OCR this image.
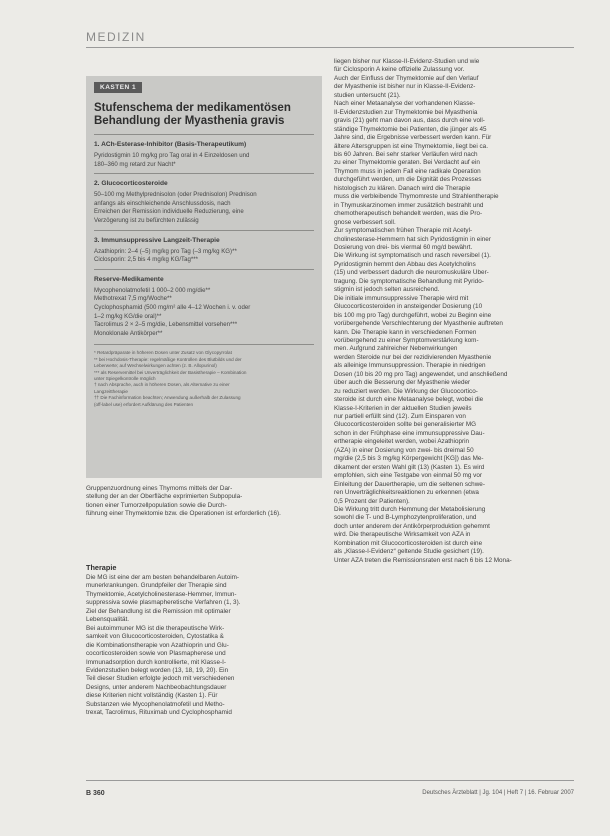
MEDIZIN
KASTEN 1
Stufenschema der medikamentösen
Behandlung der Myasthenia gravis
1. ACh-Esterase-Inhibitor (Basis-Therapeutikum)
Pyridostigmin 10 mg/kg pro Tag oral in 4 Einzeldosen und
180–360 mg retard zur Nacht*
2. Glucocorticosteroide
50–100 mg Methylprednisolon (oder Prednisolon) Prednison
anfangs als einschleichende Anschlussdosis, nach
Erreichen der Remission individuelle Reduzierung, eine
Verzögerung ist zu befürchten zulässig
3. Immunsuppressive Langzeit-Therapie
Azathioprin: 2–4 (–5) mg/kg pro Tag (–3 mg/kg KG)**
Ciclosporin: 2,5 bis 4 mg/kg KG/Tag***
Reserve-Medikamente
Mycophenolatmofetil 1 000–2 000 mg/die**
Methotrexat 7,5 mg/Woche**
Cyclophosphamid (500 mg/m² alle 4–12 Wochen i. v. oder
1–2 mg/kg KG/die oral)**
Tacrolimus 2 × 2–5 mg/die, Lebensmittel vorsehen***
Monoklonale Antikörper**
* Retardpräparate in höheren Dosen unter Zusatz von Glycopyrrolat
** bei Hochdosis-Therapie: regelmäßige Kontrollen des Blutbilds und der
Leberwerte; auf Wechselwirkungen achten (z. B. Allopurinol)
*** als Reservemittel bei Unverträglichkeit der Basistherapie – Kombination
unter Spiegelkontrolle möglich
† nach Absprache, auch in höheren Dosen, als Alternative zu einer
Langzeittherapie
†† Die Fachinformation beachten; Anwendung außerhalb der Zulassung
(off-label use) erfordert Aufklärung des Patienten
Gruppenzuordnung eines Thymoms mittels der Dar-
stellung der an der Oberfläche exprimierten Subpopula-
tionen einer Tumorzellpopulation sowie die Durch-
führung einer Thymektomie bzw. die Operationen ist erforderlich (16).
Therapie
Die MG ist eine der am besten behandelbaren Autoim-
munerkrankungen. Grundpfeiler der Therapie sind
Thymektomie, Acetylcholinesterase-Hemmer, Immun-
suppressiva sowie plasmapheretische Verfahren (1, 3).
Ziel der Behandlung ist die Remission mit optimaler
Lebensqualität.
Bei autoimmuner MG ist die therapeutische Wirk-
samkeit von Glucocorticosteroiden, Cytostatika &
die Kombinationstherapie von Azathioprin und Glu-
cocorticosteroiden sowie von Plasmapherese und
Immunadsorption durch kontrollierte, mit Klasse-I-
Evidenzstudien belegt worden (13, 18, 19, 20). Ein
Teil dieser Studien erfolgte jedoch mit verschiedenen
Designs, unter anderem Nachbeobachtungsdauer
diese Kriterien nicht vollständig (Kasten 1). Für
Substanzen wie Mycophenolatmofetil und Metho-
trexat, Tacrolimus, Rituximab und Cyclophosphamid
liegen bisher nur Klasse-II-Evidenz-Studien und wie
für Ciclosporin A keine offizielle Zulassung vor.
Auch der Einfluss der Thymektomie auf den Verlauf
der Myasthenie ist bisher nur in Klasse-II-Evidenz-
studien untersucht (21).
Nach einer Metaanalyse der vorhandenen Klasse-
II-Evidenzstudien zur Thymektomie bei Myasthenia
gravis (21) geht man davon aus, dass durch eine voll-
ständige Thymektomie bei Patienten, die jünger als 45
Jahre sind, die Ergebnisse verbessert werden kann. Für
ältere Altersgruppen ist eine Thymektomie, liegt bei ca.
bis 60 Jahren. Bei sehr starker Verläufen wird nach
zu einer Thymektomie geraten. Bei Verdacht auf ein
Thymom muss in jedem Fall eine radikale Operation
durchgeführt werden, um die Dignität des Prozesses
histologisch zu klären. Danach wird die Therapie
muss die verbleibende Thymomreste und Strahlentherapie
in Thymuskarzinomen immer zusätzlich bestrahlt und
chemotherapeutisch behandelt werden, was die Pro-
gnose verbessert soll.
Zur symptomatischen frühen Therapie mit Acetyl-
cholinesterase-Hemmern hat sich Pyridostigmin in einer
Dosierung von drei- bis viermal 60 mg/d bewährt.
Die Wirkung ist symptomatisch und rasch reversibel (1).
Pyridostigmin hemmt den Abbau des Acetylcholins
(15) und verbessert dadurch die neuromuskuläre Über-
tragung. Die symptomatische Behandlung mit Pyrido-
stigmin ist jedoch selten ausreichend.
Die initiale immunsuppressive Therapie wird mit
Glucocorticosteroiden in ansteigender Dosierung (10
bis 100 mg pro Tag) durchgeführt, wobei zu Beginn eine
vorübergehende Verschlechterung der Myasthenie auftreten
kann. Die Therapie kann in verschiedenen Formen
vorübergehend zu einer Symptomverstärkung kom-
men. Aufgrund zahlreicher Nebenwirkungen
werden Steroide nur bei der rezidivierenden Myasthenie
als alleinige Immunsuppression. Therapie in niedrigen
Dosen (10 bis 20 mg pro Tag) angewendet, und anschließend
über auch die Besserung der Myasthenie wieder
zu reduziert werden. Die Wirkung der Glucocortico-
steroide ist durch eine Metaanalyse belegt, wobei die
Klasse-I-Kriterien in der aktuellen Studien jeweils
nur partiell erfüllt sind (12). Zum Einsparen von
Glucocorticosteroiden sollte bei generalisierter MG
schon in der Frühphase eine immunsuppressive Dau-
ertherapie eingeleitet werden, wobei Azathioprin
(AZA) in einer Dosierung von zwei- bis dreimal 50
mg/die (2,5 bis 3 mg/kg Körpergewicht [KG]) das Me-
dikament der ersten Wahl gilt (13) (Kasten 1). Es wird
empfohlen, sich eine Testgabe von einmal 50 mg vor
Einleitung der Dauertherapie, um die seltenen schwe-
ren Unverträglichkeitsreaktionen zu erkennen (etwa
0,5 Prozent der Patienten).
Die Wirkung tritt durch Hemmung der Metabolisierung
sowohl die T- und B-Lymphozytenproliferation, und
doch unter anderem der Antikörperproduktion gehemmt
wird. Die therapeutische Wirksamkeit von AZA in
Kombination mit Glucocorticosteroiden ist durch eine
als „Klasse-I-Evidenz“ geltende Studie gesichert (19).
Unter AZA treten die Remissionsraten erst nach 6 bis 12 Mona-
B 360	Deutsches Ärzteblatt | Jg. 104 | Heft 7 | 16. Februar 2007
